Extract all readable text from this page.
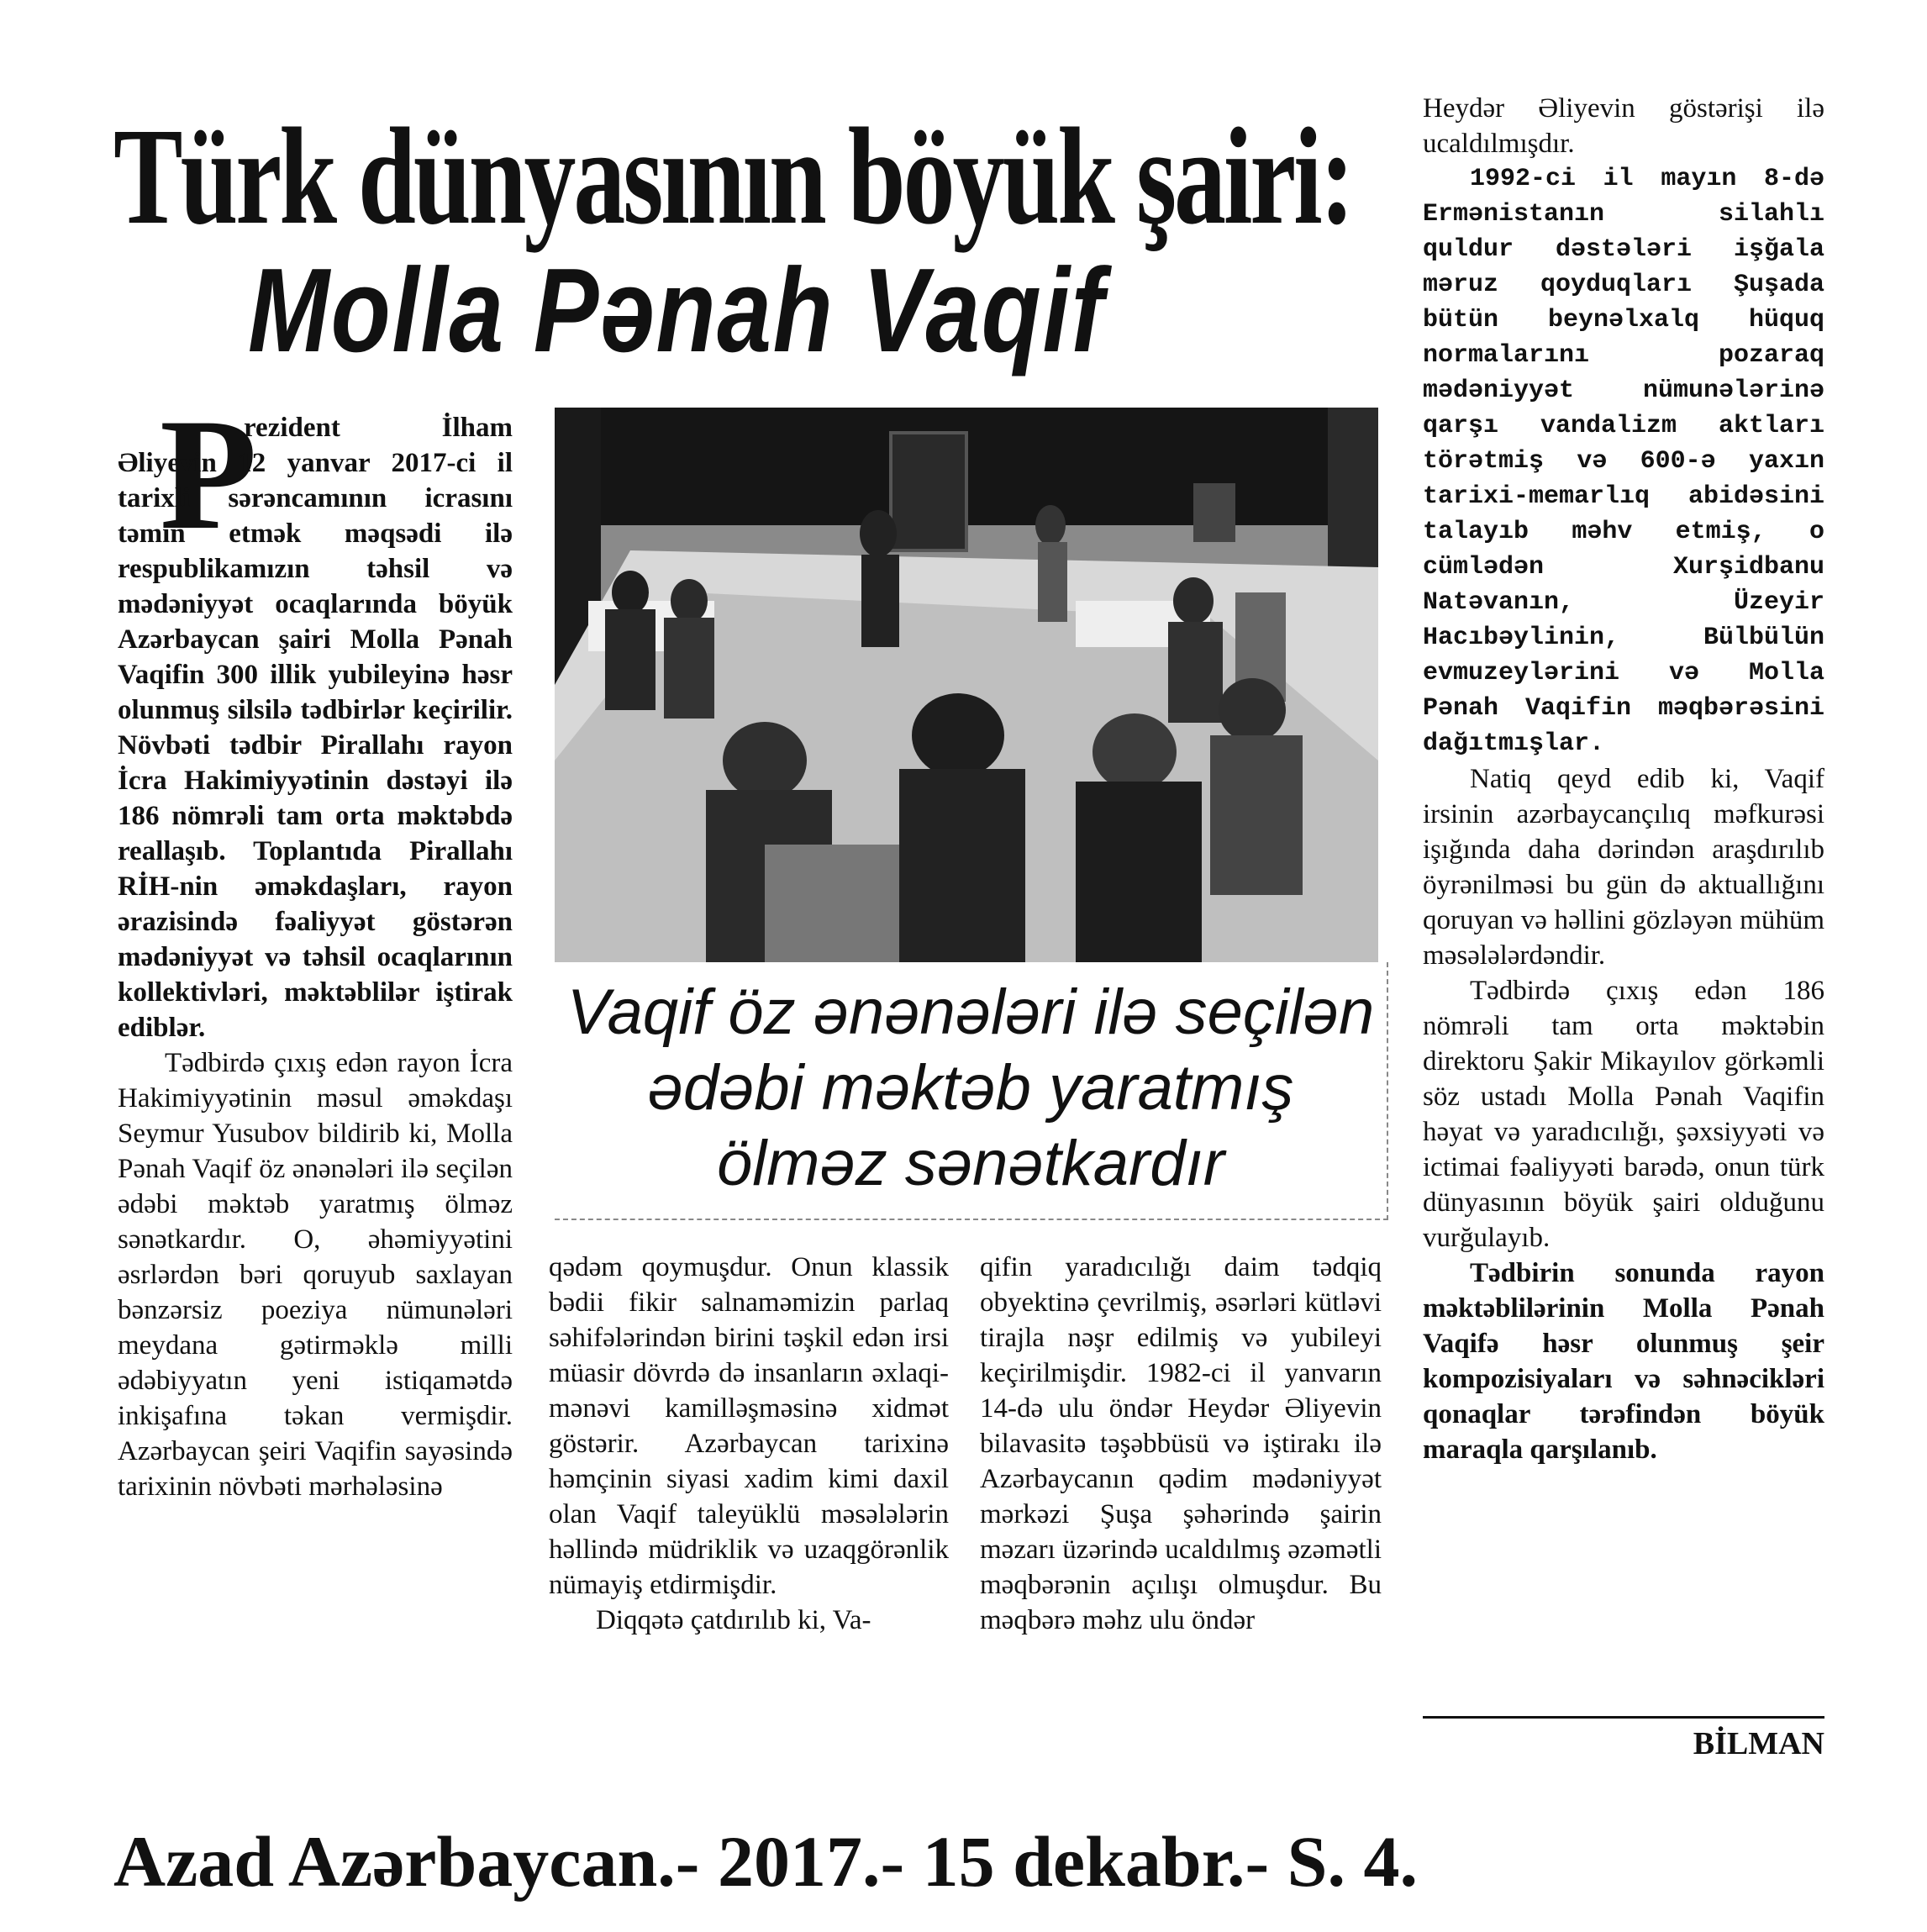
Türk dünyasının böyük şairi:
Molla Pənah Vaqif
P

rezident İlham Əliyevin 12 yanvar 2017-ci il tarixli sərəncamının icrasını təmin etmək məqsədi ilə respublikamızın təhsil və mədəniyyət ocaqlarında böyük Azərbaycan şairi Molla Pənah Vaqifin 300 illik yubileyinə həsr olunmuş silsilə tədbirlər keçirilir. Növbəti tədbir Pirallahı rayon İcra Hakimiyyətinin dəstəyi ilə 186 nömrəli tam orta məktəbdə reallaşıb. Toplantıda Pirallahı RİH-nin əməkdaşları, rayon ərazisində fəaliyyət göstərən mədəniyyət və təhsil ocaqlarının kollektivləri, məktəblilər iştirak ediblər.

Tədbirdə çıxış edən rayon İcra Hakimiyyətinin məsul əməkdaşı Seymur Yusubov bildirib ki, Molla Pənah Vaqif öz ənənələri ilə seçilən ədəbi məktəb yaratmış ölməz sənətkardır. O, əhəmiyyətini əsrlərdən bəri qoruyub saxlayan bənzərsiz poeziya nümunələri meydana gətirməklə milli ədəbiyyatın yeni istiqamətdə inkişafına təkan vermişdir. Azərbaycan şeiri Vaqifin sayəsində tarixinin növbəti mərhələsinə

Vaqif öz ənənələri ilə seçilən
ədəbi məktəb yaratmış
ölməz sənətkardır

qədəm qoymuşdur. Onun klassik bədii fikir salnaməmizin parlaq səhifələrindən birini təşkil edən irsi müasir dövrdə də insanların əxlaqi-mənəvi kamilləşməsinə xidmət göstərir. Azərbaycan tarixinə həmçinin siyasi xadim kimi daxil olan Vaqif taleyüklü məsələlərin həllində müdriklik və uzaqgörənlik nümayiş etdirmişdir.

Diqqətə çatdırılıb ki, Va-

qifin yaradıcılığı daim tədqiq obyektinə çevrilmiş, əsərləri kütləvi tirajla nəşr edilmiş və yubileyi keçirilmişdir. 1982-ci il yanvarın 14-də ulu öndər Heydər Əliyevin bilavasitə təşəbbüsü və iştirakı ilə Azərbaycanın qədim mədəniyyət mərkəzi Şuşa şəhərində şairin məzarı üzərində ucaldılmış əzəmətli məqbərənin açılışı olmuşdur. Bu məqbərə məhz ulu öndər

Heydər Əliyevin göstərişi ilə ucaldılmışdır.

1992-ci il mayın 8-də Ermənistanın silahlı quldur dəstələri işğala məruz qoyduqları Şuşada bütün beynəlxalq hüquq normalarını pozaraq mədəniyyət nümunələrinə qarşı vandalizm aktları törətmiş və 600-ə yaxın tarixi-memarlıq abidəsini talayıb məhv etmiş, o cümlədən Xurşidbanu Natəvanın, Üzeyir Hacıbəylinin, Bülbülün evmuzeylərini və Molla Pənah Vaqifin məqbərəsini dağıtmışlar.

Natiq qeyd edib ki, Vaqif irsinin azərbaycançılıq məfkurəsi işığında daha dərindən araşdırılıb öyrənilməsi bu gün də aktuallığını qoruyan və həllini gözləyən mühüm məsələlərdəndir.

Tədbirdə çıxış edən 186 nömrəli tam orta məktəbin direktoru Şakir Mikayılov görkəmli söz ustadı Molla Pənah Vaqifin həyat və yaradıcılığı, şəxsiyyəti və ictimai fəaliyyəti barədə, onun türk dünyasının böyük şairi olduğunu vurğulayıb.

Tədbirin sonunda rayon məktəblilərinin Molla Pənah Vaqifə həsr olunmuş şeir kompozisiyaları və səhnəcikləri qonaqlar tərəfindən böyük maraqla qarşılanıb.

BİLMAN
Azad Azərbaycan.- 2017.- 15 dekabr.- S. 4.
